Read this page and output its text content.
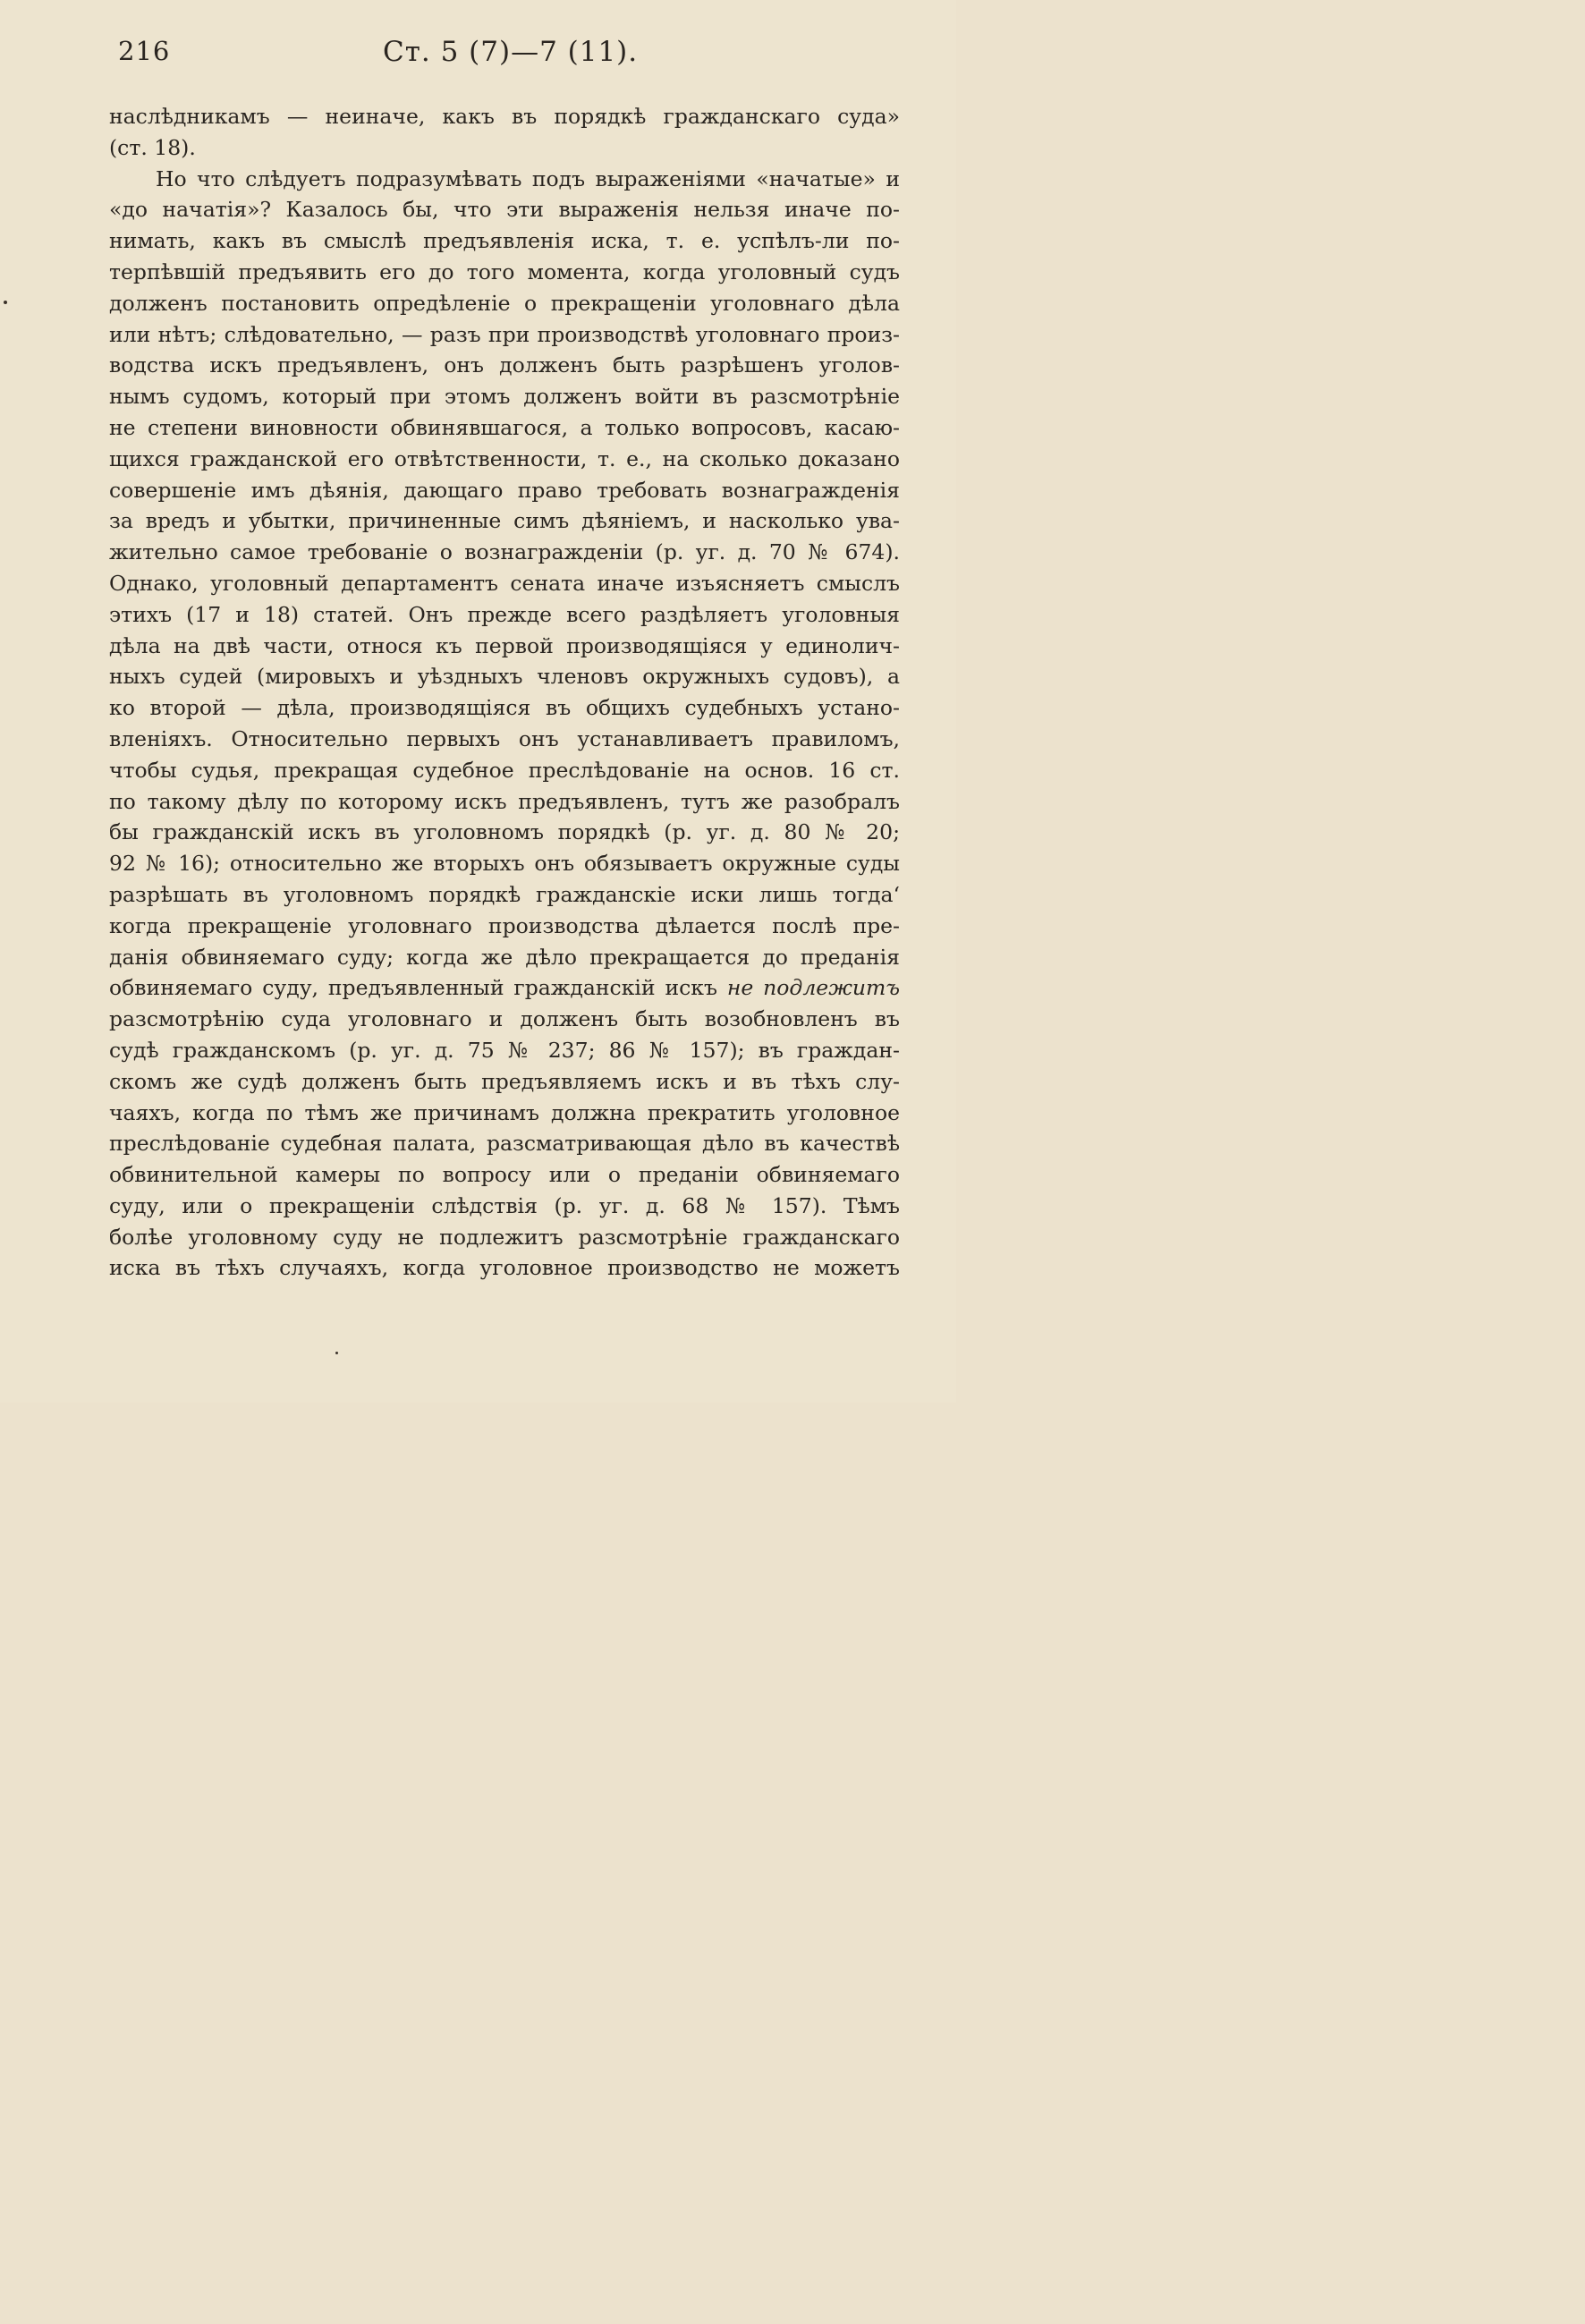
216	Ст. 5 (7)—7 (11).
наслѣдникамъ — неиначе, какъ въ порядкѣ гражданскаго суда»
(ст. 18).
Но что слѣдуетъ подразумѣвать подъ выраженіями «начатые» и
«до начатія»? Казалось бы, что эти выраженія нельзя иначе по-
нимать, какъ въ смыслѣ предъявленія иска, т. е. успѣлъ-ли по-
терпѣвшій предъявить его до того момента, когда уголовный судъ
долженъ постановить опредѣленіе о прекращеніи уголовнаго дѣла
или нѣтъ; слѣдовательно, — разъ при производствѣ уголовнаго произ-
водства искъ предъявленъ, онъ долженъ быть разрѣшенъ уголов-
нымъ судомъ, который при этомъ долженъ войти въ разсмотрѣніе
не степени виновности обвинявшагося, а только вопросовъ, касаю-
щихся гражданской его отвѣтственности, т. е., на сколько доказано
совершеніе имъ дѣянія, дающаго право требовать вознагражденія
за вредъ и убытки, причиненные симъ дѣяніемъ, и насколько ува-
жительно самое требованіе о вознагражденіи (р. уг. д. 70 № 674).
Однако, уголовный департаментъ сената иначе изъясняетъ смыслъ
этихъ (17 и 18) статей. Онъ прежде всего раздѣляетъ уголовныя
дѣла на двѣ части, относя къ первой производящіяся у единолич-
ныхъ судей (мировыхъ и уѣздныхъ членовъ окружныхъ судовъ), а
ко второй — дѣла, производящіяся въ общихъ судебныхъ устано-
вленіяхъ. Относительно первыхъ онъ устанавливаетъ правиломъ,
чтобы судья, прекращая судебное преслѣдованіе на основ. 16 ст.
по такому дѣлу по которому искъ предъявленъ, тутъ же разобралъ
бы гражданскій искъ въ уголовномъ порядкѣ (р. уг. д. 80 № 20;
92 № 16); относительно же вторыхъ онъ обязываетъ окружные суды
разрѣшать въ уголовномъ порядкѣ гражданскіе иски лишь тогда‘
когда прекращеніе уголовнаго производства дѣлается послѣ пре-
данія обвиняемаго суду; когда же дѣло прекращается до преданія
обвиняемаго суду, предъявленный гражданскій искъ не подлежитъ
разсмотрѣнію суда уголовнаго и долженъ быть возобновленъ въ
судѣ гражданскомъ (р. уг. д. 75 № 237; 86 № 157); въ граждан-
скомъ же судѣ долженъ быть предъявляемъ искъ и въ тѣхъ слу-
чаяхъ, когда по тѣмъ же причинамъ должна прекратить уголовное
преслѣдованіе судебная палата, разсматривающая дѣло въ качествѣ
обвинительной камеры по вопросу или о преданіи обвиняемаго
суду, или о прекращеніи слѣдствія (р. уг. д. 68 № 157). Тѣмъ
болѣе уголовному суду не подлежитъ разсмотрѣніе гражданскаго
иска въ тѣхъ случаяхъ, когда уголовное производство не можетъ
